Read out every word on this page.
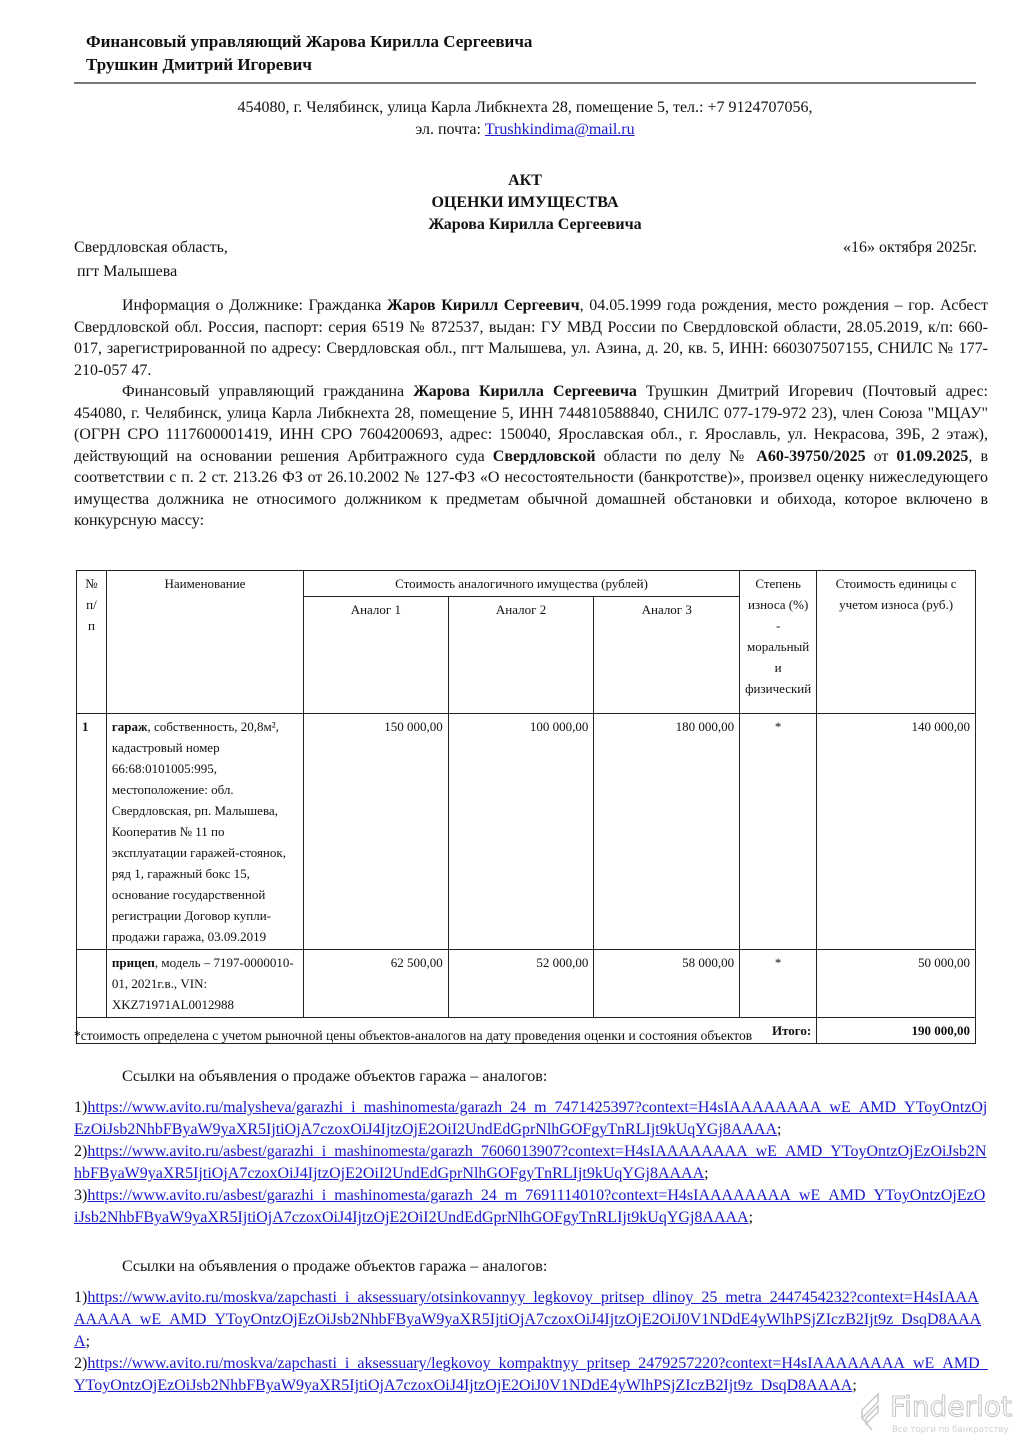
Финансовый управляющий Жарова Кирилла Сергеевича
Трушкин Дмитрий Игоревич
454080, г. Челябинск, улица Карла Либкнехта 28, помещение 5, тел.: +7 9124707056,
эл. почта: Trushkindima@mail.ru
АКТ
ОЦЕНКИ ИМУЩЕСТВА
Жарова Кирилла Сергеевича
Свердловская область,
пгт Малышева
«16» октября 2025г.
Информация о Должнике: Гражданка Жаров Кирилл Сергеевич, 04.05.1999 года рождения, место рождения – гор. Асбест Свердловской обл. Россия, паспорт: серия 6519 № 872537, выдан: ГУ МВД России по Свердловской области, 28.05.2019, к/п: 660-017, зарегистрированной по адресу: Свердловская обл., пгт Малышева, ул. Азина, д. 20, кв. 5, ИНН: 660307507155, СНИЛС № 177-210-057 47.
Финансовый управляющий гражданина Жарова Кирилла Сергеевича Трушкин Дмитрий Игоревич (Почтовый адрес: 454080, г. Челябинск, улица Карла Либкнехта 28, помещение 5, ИНН 744810588840, СНИЛС 077-179-972 23), член Союза "МЦАУ" (ОГРН СРО 1117600001419, ИНН СРО 7604200693, адрес: 150040, Ярославская обл., г. Ярославль, ул. Некрасова, 39Б, 2 этаж), действующий на основании решения Арбитражного суда Свердловской области по делу № А60-39750/2025 от 01.09.2025, в соответствии с п. 2 ст. 213.26 ФЗ от 26.10.2002 № 127-ФЗ «О несостоятельности (банкротстве)», произвел оценку нижеследующего имущества должника не относимого должником к предметам обычной домашней обстановки и обихода, которое включено в конкурсную массу:
№ п/ п	Наименование	Стоимость аналогичного имущества (рублей)			Степень износа (%) - моральный и физический	Стоимость единицы с учетом износа (руб.)
		Аналог 1	Аналог 2	Аналог 3		
1	гараж, собственность, 20,8м², кадастровый номер 66:68:0101005:995, местоположение: обл. Свердловская, рп. Малышева, Кооператив № 11 по эксплуатации гаражей-стоянок, ряд 1, гаражный бокс 15, основание государственной регистрации Договор купли-продажи гаража, 03.09.2019	150 000,00	100 000,00	180 000,00	*	140 000,00
	прицеп, модель – 7197-0000010-01, 2021г.в., VIN: XKZ71971AL0012988	62 500,00	52 000,00	58 000,00	*	50 000,00
Итого:						190 000,00
*стоимость определена с учетом рыночной цены объектов-аналогов на дату проведения оценки и состояния объектов
Ссылки на объявления о продаже объектов гаража – аналогов:
1)https://www.avito.ru/malysheva/garazhi_i_mashinomesta/garazh_24_m_7471425397?context=H4sIAAAAAAAA_wE_AMD_YToyOntzOjEzOiJsb2NhbFByaW9yaXR5IjtiOjA7czoxOiJ4IjtzOjE2OiI2UndEdGprNlhGOFgyTnRLIjt9kUqYGj8AAAA;
2)https://www.avito.ru/asbest/garazhi_i_mashinomesta/garazh_7606013907?context=H4sIAAAAAAAA_wE_AMD_YToyOntzOjEzOiJsb2NhbFByaW9yaXR5IjtiOjA7czoxOiJ4IjtzOjE2OiI2UndEdGprNlhGOFgyTnRLIjt9kUqYGj8AAAA;
3)https://www.avito.ru/asbest/garazhi_i_mashinomesta/garazh_24_m_7691114010?context=H4sIAAAAAAAA_wE_AMD_YToyOntzOjEzOiJsb2NhbFByaW9yaXR5IjtiOjA7czoxOiJ4IjtzOjE2OiI2UndEdGprNlhGOFgyTnRLIjt9kUqYGj8AAAA;
Ссылки на объявления о продаже объектов гаража – аналогов:
1)https://www.avito.ru/moskva/zapchasti_i_aksessuary/otsinkovannyy_legkovoy_pritsep_dlinoy_25_metra_2447454232?context=H4sIAAAAAAAA_wE_AMD_YToyOntzOjEzOiJsb2NhbFByaW9yaXR5IjtiOjA7czoxOiJ4IjtzOjE2OiJ0V1NDdE4yWlhPSjZIczB2Ijt9z_DsqD8AAAA;
2)https://www.avito.ru/moskva/zapchasti_i_aksessuary/legkovoy_kompaktnyy_pritsep_2479257220?context=H4sIAAAAAAAA_wE_AMD_YToyOntzOjEzOiJsb2NhbFByaW9yaXR5IjtiOjA7czoxOiJ4IjtzOjE2OiJ0V1NDdE4yWlhPSjZIczB2Ijt9z_DsqD8AAAA;
Finderlot
Все торги по банкротству
